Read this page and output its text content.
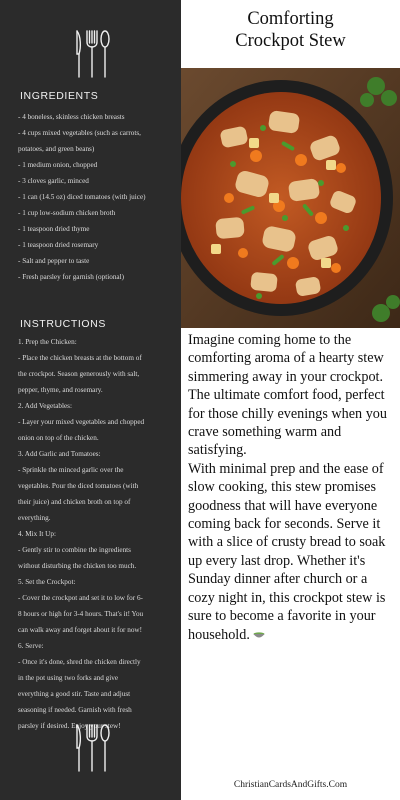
INGREDIENTS
- 4 boneless, skinless chicken breasts
- 4 cups mixed vegetables (such as carrots,
potatoes, and green beans)
- 1 medium onion, chopped
- 3 cloves garlic, minced
- 1 can (14.5 oz) diced tomatoes (with juice)
- 1 cup low-sodium chicken broth
- 1 teaspoon dried thyme
- 1 teaspoon dried rosemary
- Salt and pepper to taste
- Fresh parsley for garnish (optional)
INSTRUCTIONS
1. Prep the Chicken:
- Place the chicken breasts at the bottom of
the crockpot. Season generously with salt,
pepper, thyme, and rosemary.
2. Add Vegetables:
- Layer your mixed vegetables and chopped
onion on top of the chicken.
3. Add Garlic and Tomatoes:
- Sprinkle the minced garlic over the
vegetables. Pour the diced tomatoes (with
their juice) and chicken broth on top of
everything.
4. Mix It Up:
- Gently stir to combine the ingredients
without disturbing the chicken too much.
5. Set the Crockpot:
- Cover the crockpot and set it to low for 6-
8 hours or high for 3-4 hours. That's it! You
can walk away and forget about it for now!
6. Serve:
- Once it's done, shred the chicken directly
in the pot using two forks and give
everything a good stir. Taste and adjust
seasoning if needed. Garnish with fresh
parsley if desired. Enjoy your stew!
Comforting
Crockpot Stew

Imagine coming home to the comforting aroma of a hearty stew simmering away in your crockpot. The ultimate comfort food, perfect for those chilly evenings when you crave something warm and satisfying.

With minimal prep and the ease of slow cooking, this stew promises goodness that will have everyone coming back for seconds. Serve it with a slice of crusty bread to soak up every last drop. Whether it's Sunday dinner after church or a cozy night in, this crockpot stew is sure to become a favorite in your household.

ChristianCardsAndGifts.Com
